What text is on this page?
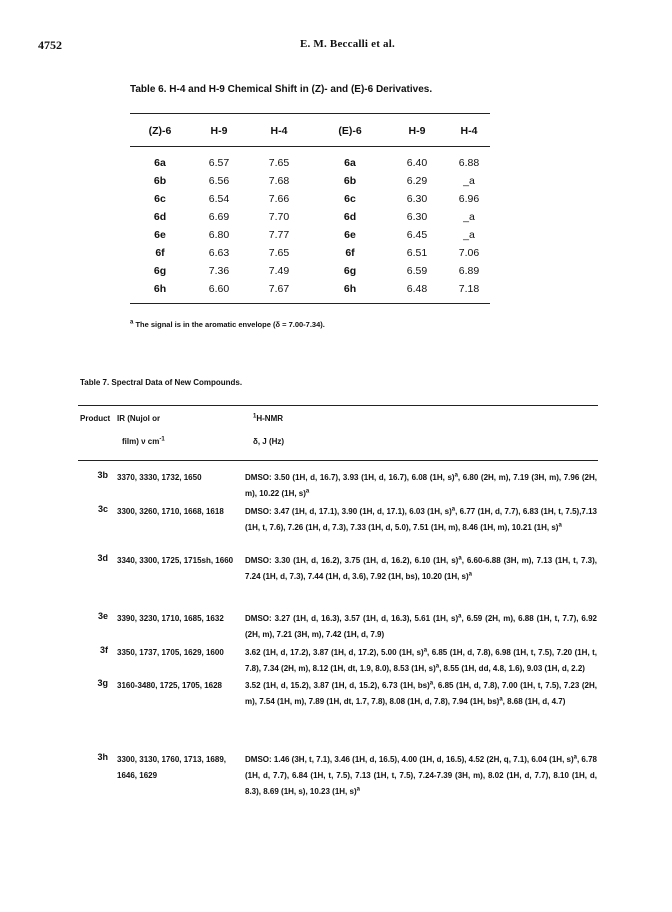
4752	E. M. Beccalli et al.
Table 6. H-4 and H-9 Chemical Shift in (Z)- and (E)-6 Derivatives.
(Z)-6	H-9	H-4	(E)-6	H-9	H-4
6a	6.57	7.65	6a	6.40	6.88
6b	6.56	7.68	6b	6.29	_a
6c	6.54	7.66	6c	6.30	6.96
6d	6.69	7.70	6d	6.30	_a
6e	6.80	7.77	6e	6.45	_a
6f	6.63	7.65	6f	6.51	7.06
6g	7.36	7.49	6g	6.59	6.89
6h	6.60	7.67	6h	6.48	7.18
$^a$ The signal is in the aromatic envelope (δ = 7.00-7.34).
Table 7. Spectral Data of New Compounds.
Product IR (Nujol or
film) ν $cm^{-1}$
$^1$H-NMR
δ, J (Hz)
3b 3370, 3330, 1732, 1650	DMSO: 3.50 (1H, d, 16.7), 3.93 (1H, d, 16.7), 6.08 (1H, s)$^a$, 6.80 (2H, m), 7.19 (3H, m), 7.96 (2H, m), 10.22 (1H, s)$^a$
3c 3300, 3260, 1710, 1668, 1618	DMSO: 3.47 (1H, d, 17.1), 3.90 (1H, d, 17.1), 6.03 (1H, s)$^a$, 6.77 (1H, d, 7.7), 6.83 (1H, t, 7.5),7.13 (1H, t, 7.6), 7.26 (1H, d, 7.3), 7.33 (1H, d, 5.0), 7.51 (1H, m), 8.46 (1H, m), 10.21 (1H, s)$^a$
3d 3340, 3300, 1725, 1715sh, 1660	DMSO: 3.30 (1H, d, 16.2), 3.75 (1H, d, 16.2), 6.10 (1H, s)$^a$, 6.60-6.88 (3H, m), 7.13 (1H, t, 7.3), 7.24 (1H, d, 7.3), 7.44 (1H, d, 3.6), 7.92 (1H, bs), 10.20 (1H, s)$^a$
3e 3390, 3230, 1710, 1685, 1632	DMSO: 3.27 (1H, d, 16.3), 3.57 (1H, d, 16.3), 5.61 (1H, s)$^a$, 6.59 (2H, m), 6.88 (1H, t, 7.7), 6.92 (2H, m), 7.21 (3H, m), 7.42 (1H, d, 7.9)
3f 3350, 1737, 1705, 1629, 1600	3.62 (1H, d, 17.2), 3.87 (1H, d, 17.2), 5.00 (1H, s)$^a$, 6.85 (1H, d, 7.8), 6.98 (1H, t, 7.5), 7.20 (1H, t, 7.8), 7.34 (2H, m), 8.12 (1H, dt, 1.9, 8.0), 8.53 (1H, s)$^a$, 8.55 (1H, dd, 4.8, 1.6), 9.03 (1H, d, 2.2)
3g 3160-3480, 1725, 1705, 1628	3.52 (1H, d, 15.2), 3.87 (1H, d, 15.2), 6.73 (1H, bs)$^a$, 6.85 (1H, d, 7.8), 7.00 (1H, t, 7.5), 7.23 (2H, m), 7.54 (1H, m), 7.89 (1H, dt, 1.7, 7.8), 8.08 (1H, d, 7.8), 7.94 (1H, bs)$^a$, 8.68 (1H, d, 4.7)
3h 3300, 3130, 1760, 1713, 1689, 1646, 1629
DMSO: 1.46 (3H, t, 7.1), 3.46 (1H, d, 16.5), 4.00 (1H, d, 16.5), 4.52 (2H, q, 7.1), 6.04 (1H, s)$^a$, 6.78 (1H, d, 7.7), 6.84 (1H, t, 7.5), 7.13 (1H, t, 7.5), 7.24-7.39 (3H, m), 8.02 (1H, d, 7.7), 8.10 (1H, d, 8.3), 8.69 (1H, s), 10.23 (1H, s)$^a$
